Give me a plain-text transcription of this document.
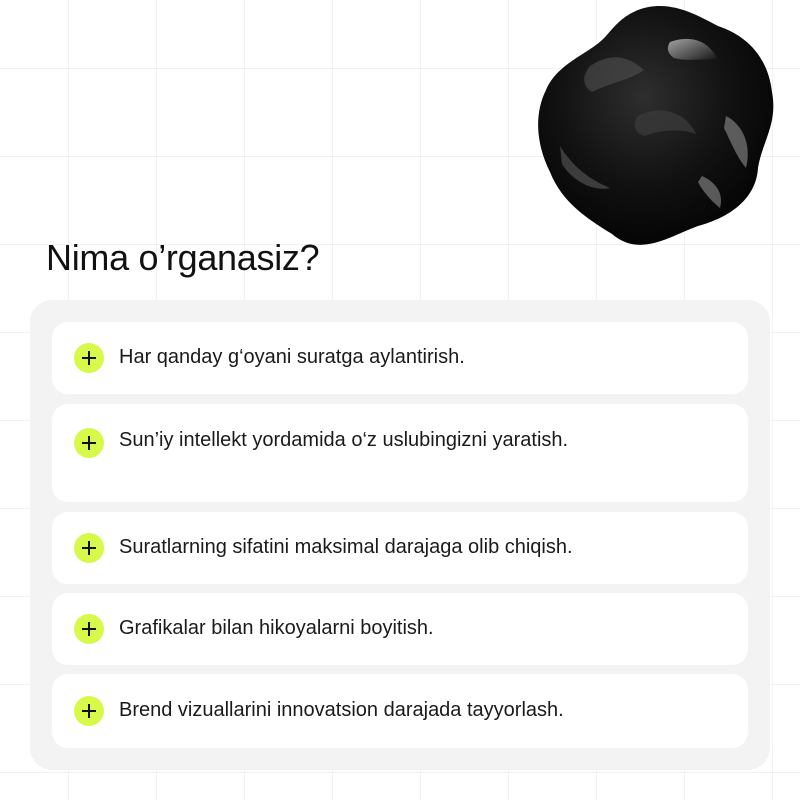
Nima o’rganasiz?
Har qanday g‘oyani suratga aylantirish.
Sun’iy intellekt yordamida o‘z uslubingizni yaratish.
Suratlarning sifatini maksimal darajaga olib chiqish.
Grafikalar bilan hikoyalarni boyitish.
Brend vizuallarini innovatsion darajada tayyorlash.
